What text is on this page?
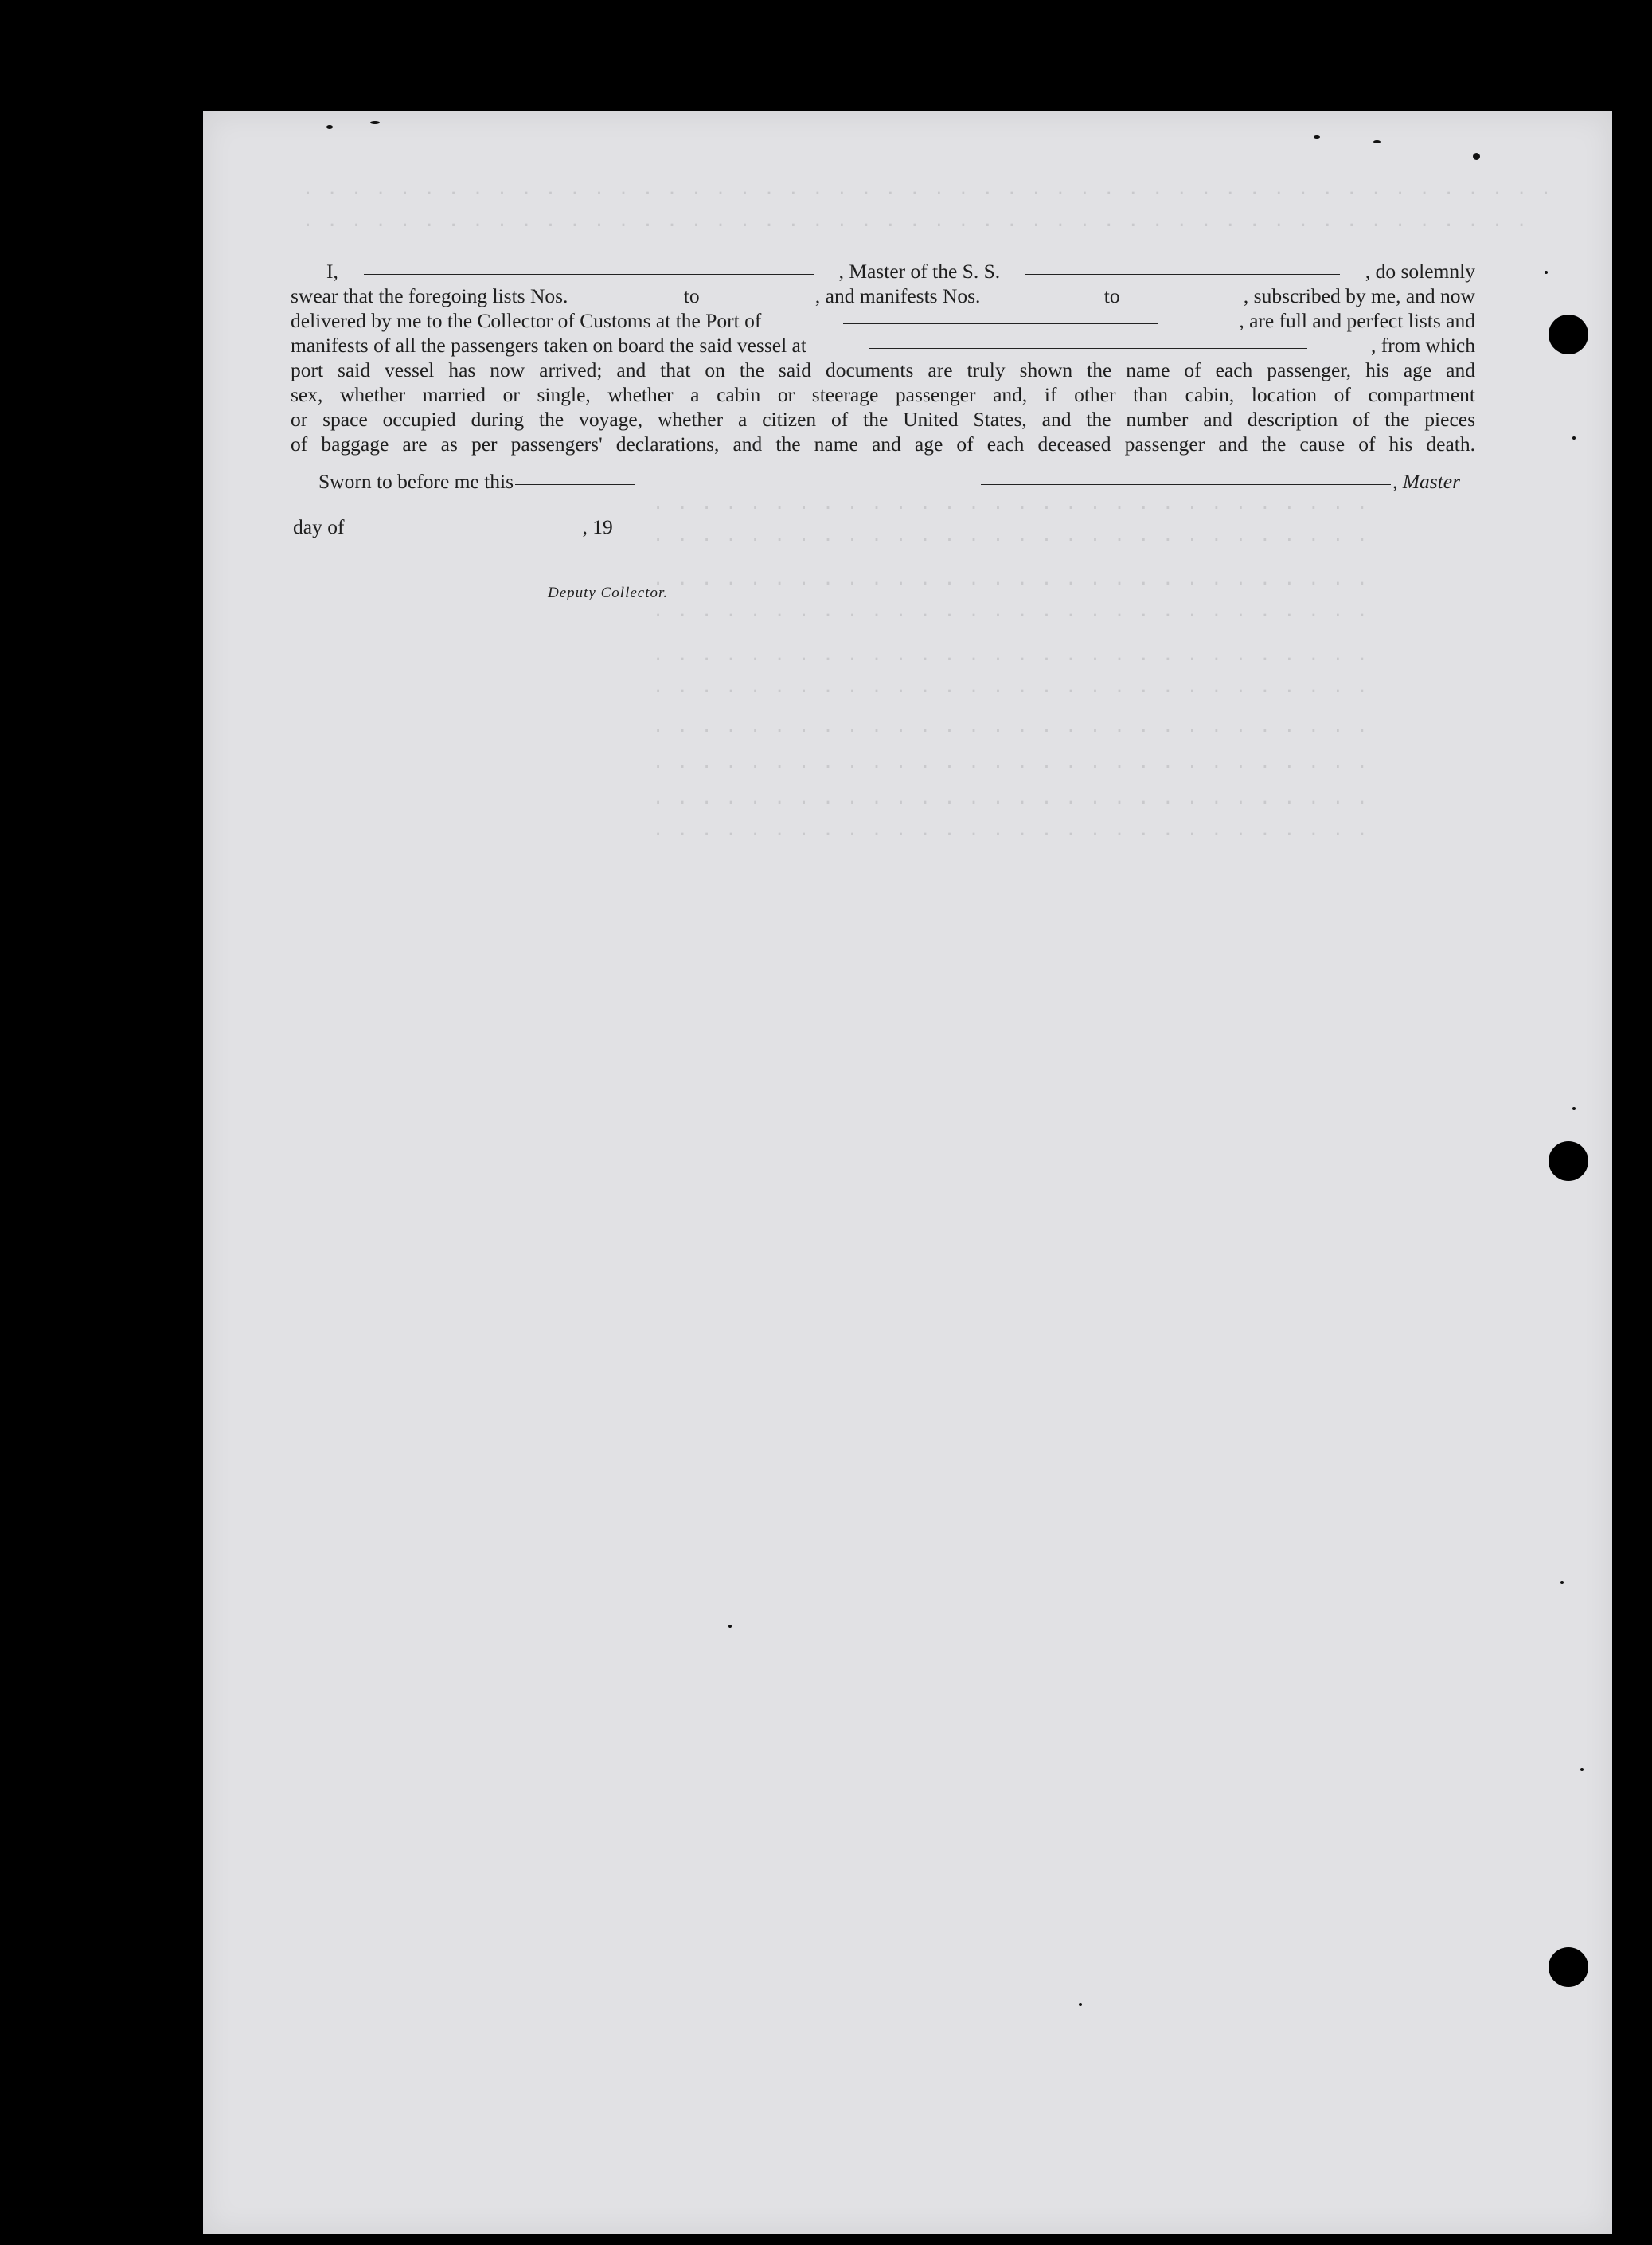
. . . . . . . . . . . . . . . . . . . . . . . . . . . . . . . . . . . . . . . . . . . . . . . . . . . .
. . . . . . . . . . . . . . . . . . . . . . . . . . . . . . . . . . . . . . . . . . . . . . . . . . .
. . . . . . . . . . . . . . . . . . . . . . . . . . . . . .
. . . . . . . . . . . . . . . . . . . . . . . . . . . . . .
. . . . . . . . . . . . . . . . . . . . . . . . . . . . . .
. . . . . . . . . . . . . . . . . . . . . . . . . . . . . .
. . . . . . . . . . . . . . . . . . . . . . . . . . . . . .
. . . . . . . . . . . . . . . . . . . . . . . . . . . . . .
. . . . . . . . . . . . . . . . . . . . . . . . . . . . . .
. . . . . . . . . . . . . . . . . . . . . . . . . . . . . .
. . . . . . . . . . . . . . . . . . . . . . . . . . . . . .
. . . . . . . . . . . . . . . . . . . . . . . . . . . . . .
I,	, Master of the S. S.	, do solemnly
swear that the foregoing lists Nos.	to	, and manifests Nos.	to	, subscribed by me, and now
delivered by me to the Collector of Customs at the Port of	, are full and perfect lists and
manifests of all the passengers taken on board the said vessel at	, from which
port said vessel has now arrived; and that on the said documents are truly shown the name of each passenger, his age and
sex, whether married or single, whether a cabin or steerage passenger and, if other than cabin, location of compartment
or space occupied during the voyage, whether a citizen of the United States, and the number and description of the pieces
of baggage are as per passengers' declarations, and the name and age of each deceased passenger and the cause of his death.
Sworn to before me this	, Master
day of	, 19
Deputy Collector.
